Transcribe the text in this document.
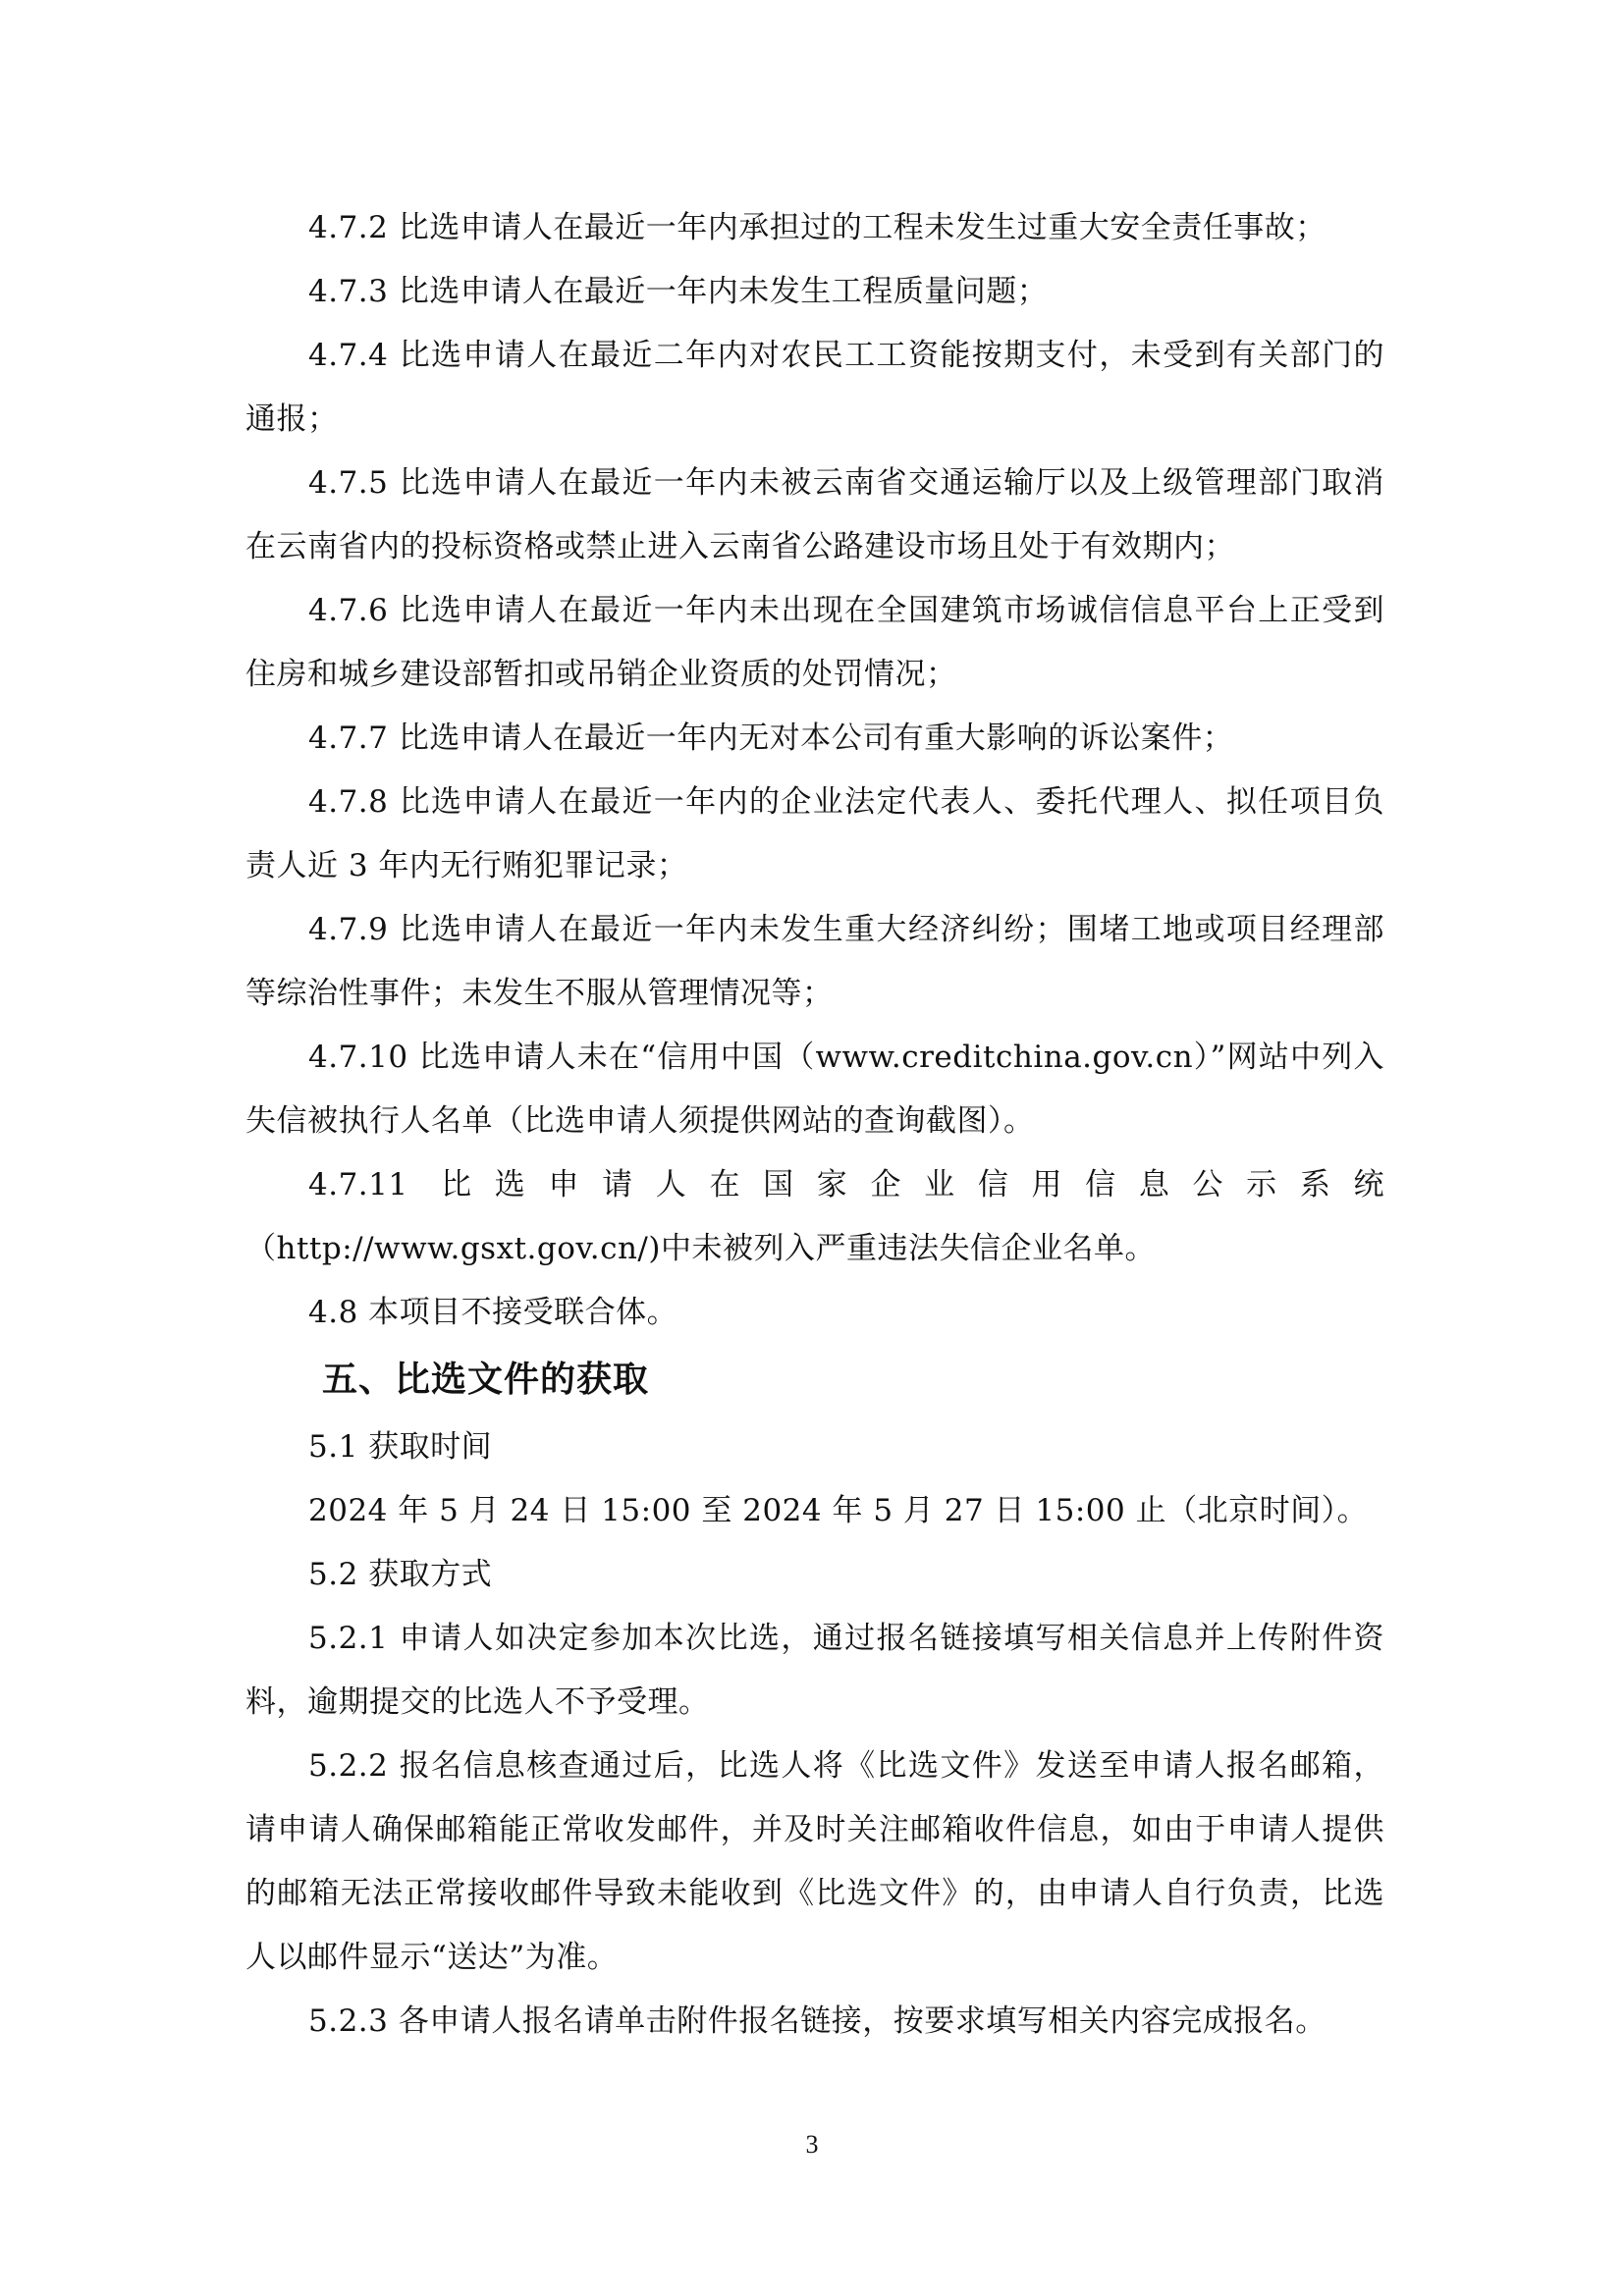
4.7.2 比选申请人在最近一年内承担过的工程未发生过重大安全责任事故；

4.7.3 比选申请人在最近一年内未发生工程质量问题；

4.7.4 比选申请人在最近二年内对农民工工资能按期支付，未受到有关部门的通报；

4.7.5 比选申请人在最近一年内未被云南省交通运输厅以及上级管理部门取消在云南省内的投标资格或禁止进入云南省公路建设市场且处于有效期内；

4.7.6 比选申请人在最近一年内未出现在全国建筑市场诚信信息平台上正受到住房和城乡建设部暂扣或吊销企业资质的处罚情况；

4.7.7 比选申请人在最近一年内无对本公司有重大影响的诉讼案件；

4.7.8 比选申请人在最近一年内的企业法定代表人、委托代理人、拟任项目负责人近 3 年内无行贿犯罪记录；

4.7.9 比选申请人在最近一年内未发生重大经济纠纷；围堵工地或项目经理部等综治性事件；未发生不服从管理情况等；

4.7.10 比选申请人未在“信用中国（www.creditchina.gov.cn）”网站中列入失信被执行人名单（比选申请人须提供网站的查询截图）。

4.7.11 比选申请人在国家企业信用信息公示系统（http://www.gsxt.gov.cn/)中未被列入严重违法失信企业名单。

4.8 本项目不接受联合体。

五、比选文件的获取

5.1 获取时间

2024 年 5 月 24 日 15:00 至 2024 年 5 月 27 日 15:00 止（北京时间）。

5.2 获取方式

5.2.1 申请人如决定参加本次比选，通过报名链接填写相关信息并上传附件资料，逾期提交的比选人不予受理。

5.2.2 报名信息核查通过后，比选人将《比选文件》发送至申请人报名邮箱，请申请人确保邮箱能正常收发邮件，并及时关注邮箱收件信息，如由于申请人提供的邮箱无法正常接收邮件导致未能收到《比选文件》的，由申请人自行负责，比选人以邮件显示“送达”为准。

5.2.3 各申请人报名请单击附件报名链接，按要求填写相关内容完成报名。

3
